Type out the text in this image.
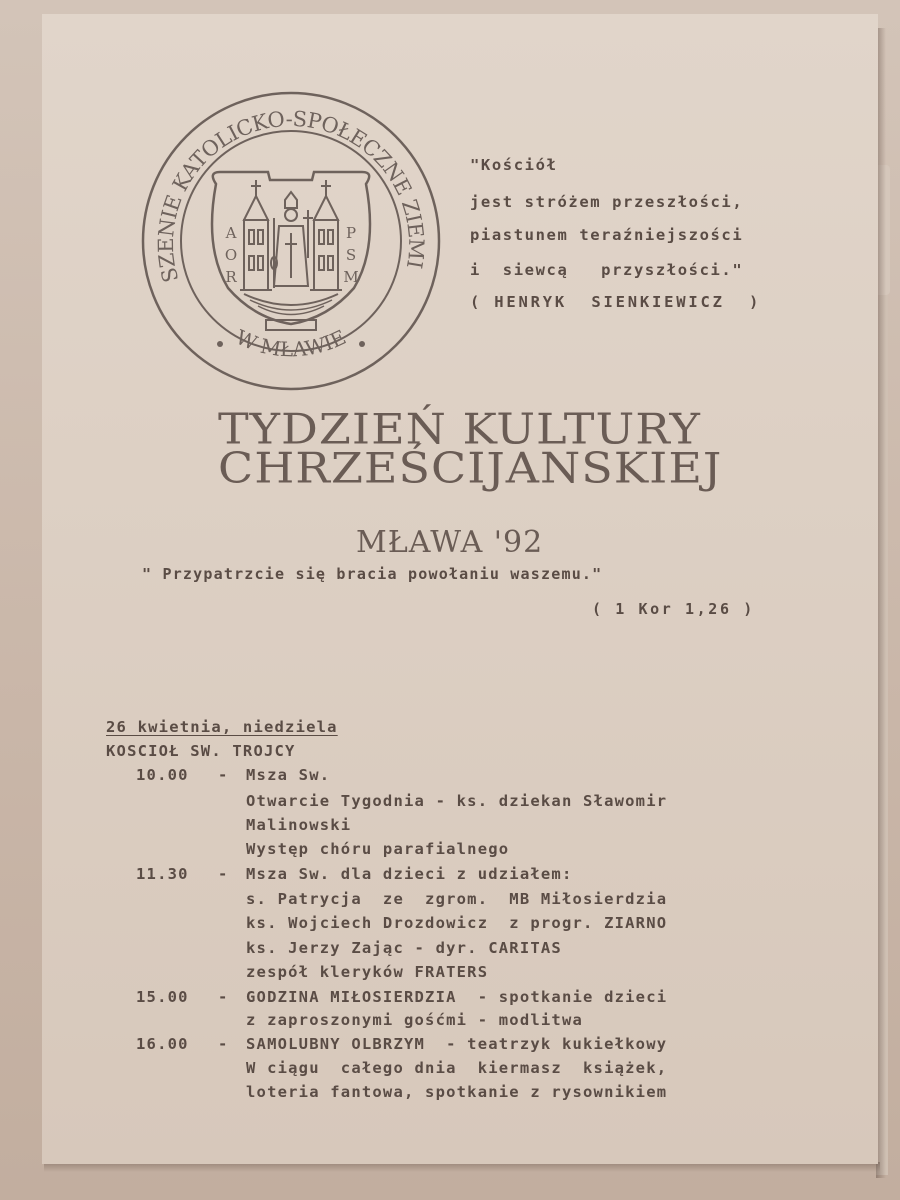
SZENIE KATOLICKO-SPOŁECZNE ZIEMI
W MŁAWIE
A
O
R
P
S
M
"Kościół
jest stróżem przeszłości,
piastunem teraźniejszości
i  siewcą   przyszłości."
( HENRYK  SIENKIEWICZ  )
TYDZIEŃ KULTURY
CHRZEŚCIJANSKIEJ
MŁAWA '92
" Przypatrzcie się bracia powołaniu waszemu."
( 1 Kor 1,26 )
26 kwietnia, niedziela
KOSCIOŁ SW. TROJCY
10.00 - Msza Sw.
Otwarcie Tygodnia - ks. dziekan Sławomir
Malinowski
Występ chóru parafialnego
11.30 - Msza Sw. dla dzieci z udziałem:
s. Patrycja  ze  zgrom.  MB Miłosierdzia
ks. Wojciech Drozdowicz  z progr. ZIARNO
ks. Jerzy Zając - dyr. CARITAS
zespół kleryków FRATERS
15.00 - GODZINA MIŁOSIERDZIA  - spotkanie dzieci
z zaproszonymi gośćmi - modlitwa
16.00 - SAMOLUBNY OLBRZYM  - teatrzyk kukiełkowy
W ciągu  całego dnia  kiermasz  książek,
loteria fantowa, spotkanie z rysownikiem
